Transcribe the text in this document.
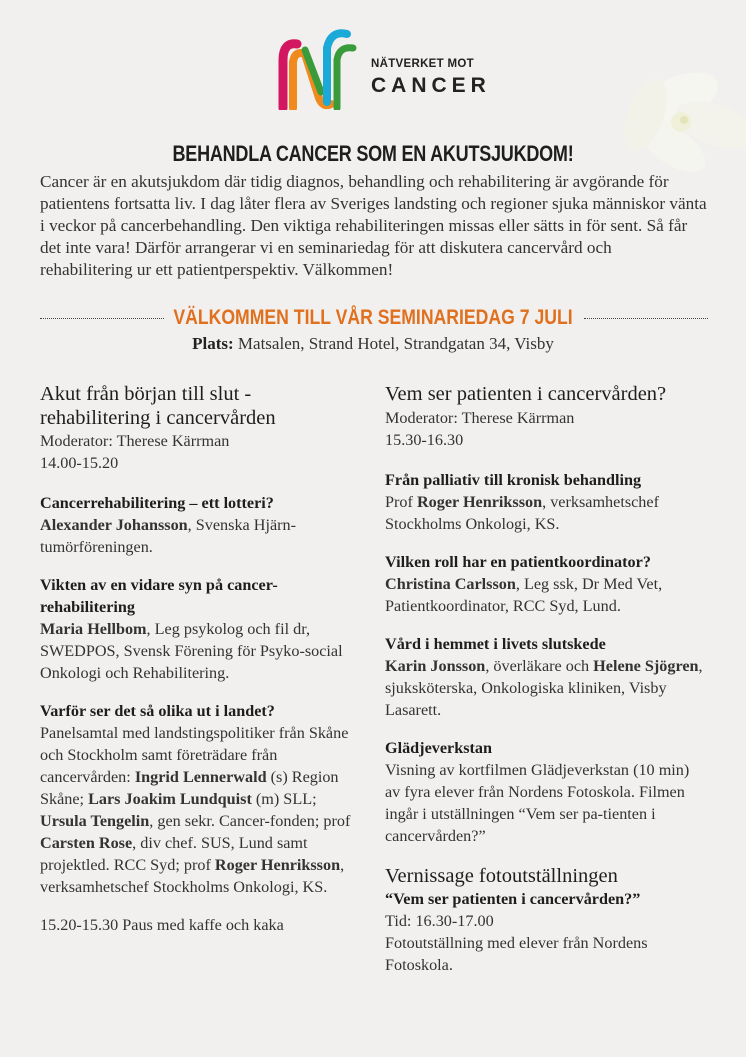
NÄTVERKET MOT
CANCER
BEHANDLA CANCER SOM EN AKUTSJUKDOM!

Cancer är en akutsjukdom där tidig diagnos, behandling och rehabilitering är avgörande för patientens fortsatta liv. I dag låter flera av Sveriges landsting och regioner sjuka människor vänta i veckor på cancerbehandling. Den viktiga rehabiliteringen missas eller sätts in för sent. Så får det inte vara! Därför arrangerar vi en seminariedag för att diskutera cancervård och rehabilitering ur ett patientperspektiv. Välkommen!

VÄLKOMMEN TILL VÅR SEMINARIEDAG 7 JULI
Plats: Matsalen, Strand Hotel, Strandgatan 34, Visby

Akut från början till slut - rehabilitering i cancervården

Moderator: Therese Kärrman

14.00-15.20

Cancerrehabilitering – ett lotteri?

Alexander Johansson, Svenska Hjärn-tumörföreningen.

Vikten av en vidare syn på cancer-rehabilitering

Maria Hellbom, Leg psykolog och fil dr, SWEDPOS, Svensk Förening för Psyko-social Onkologi och Rehabilitering.

Varför ser det så olika ut i landet?

Panelsamtal med landstingspolitiker från Skåne och Stockholm samt företrädare från cancervården: Ingrid Lennerwald (s) Region Skåne; Lars Joakim Lundquist (m) SLL; Ursula Tengelin, gen sekr. Cancer-fonden; prof Carsten Rose, div chef. SUS, Lund samt projektled. RCC Syd; prof Roger Henriksson, verksamhetschef Stockholms Onkologi, KS.

15.20-15.30 Paus med kaffe och kaka

Vem ser patienten i cancervården?

Moderator: Therese Kärrman

15.30-16.30

Från palliativ till kronisk behandling

Prof Roger Henriksson, verksamhetschef Stockholms Onkologi, KS.

Vilken roll har en patientkoordinator?

Christina Carlsson, Leg ssk, Dr Med Vet, Patientkoordinator, RCC Syd, Lund.

Vård i hemmet i livets slutskede

Karin Jonsson, överläkare och Helene Sjögren, sjuksköterska, Onkologiska kliniken, Visby Lasarett.

Glädjeverkstan

Visning av kortfilmen Glädjeverkstan (10 min) av fyra elever från Nordens Fotoskola. Filmen ingår i utställningen “Vem ser pa-tienten i cancervården?”

Vernissage fotoutställningen

“Vem ser patienten i cancervården?”

Tid: 16.30-17.00

Fotoutställning med elever från Nordens Fotoskola.
